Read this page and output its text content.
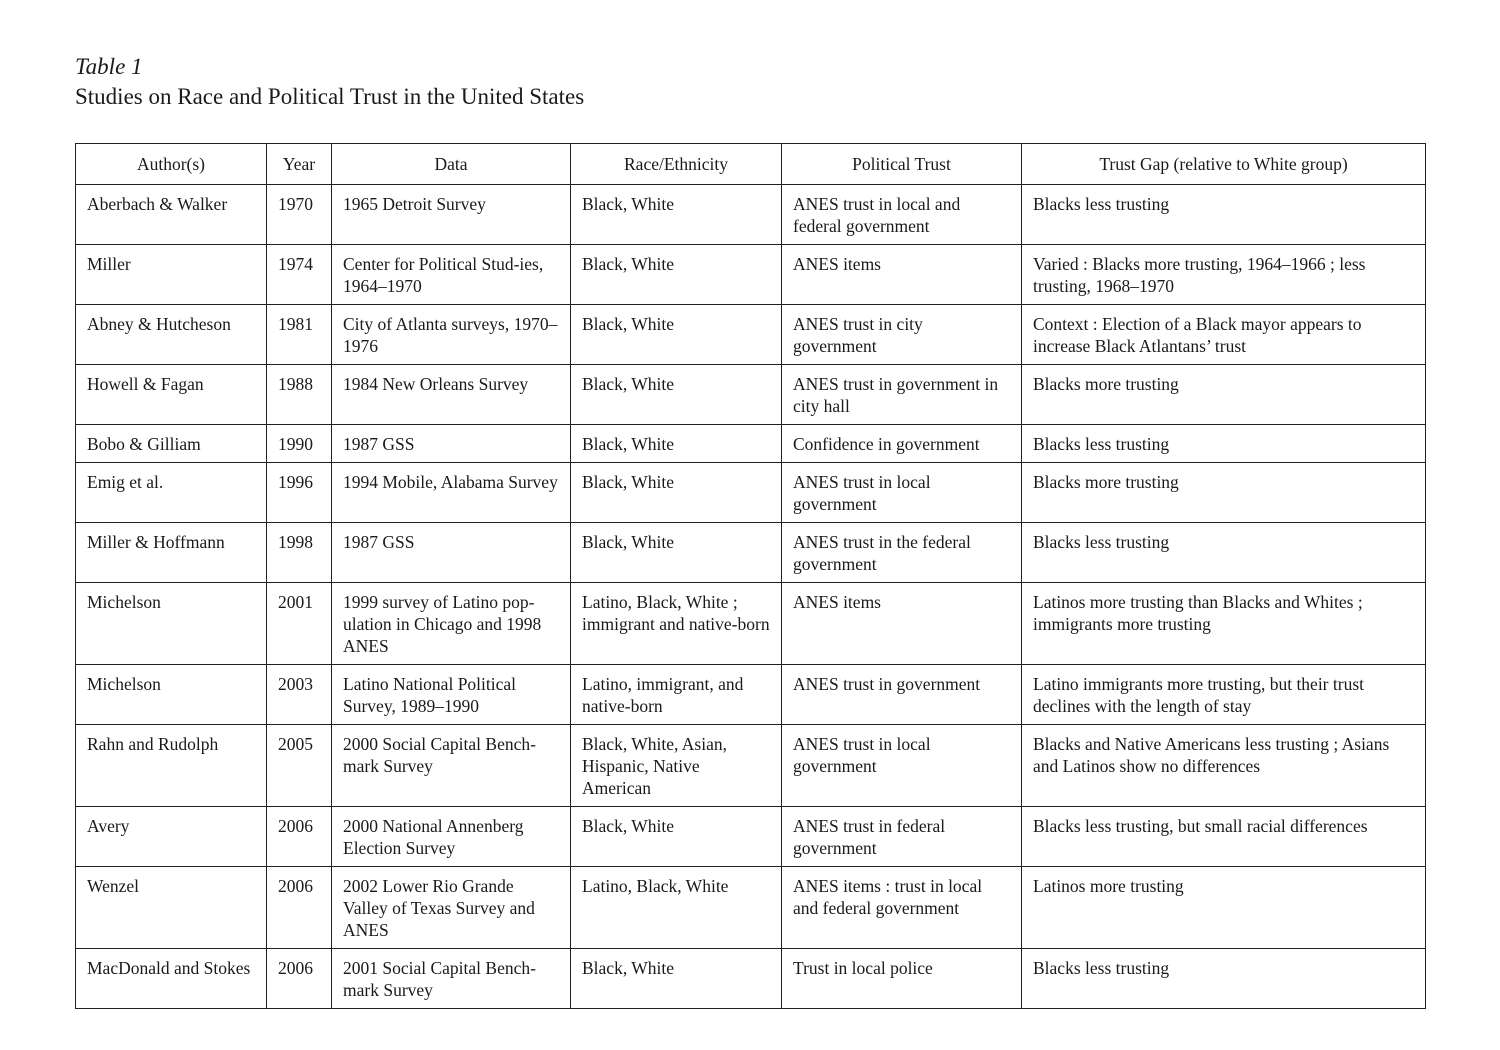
Table 1
Studies on Race and Political Trust in the United States
Author(s)	Year	Data	Race/Ethnicity	Political Trust	Trust Gap (relative to White group)
Aberbach & Walker	1970	1965 Detroit Survey	Black, White	ANES trust in local and federal government	Blacks less trusting
Miller	1974	Center for Political Stud-ies, 1964–1970	Black, White	ANES items	Varied : Blacks more trusting, 1964–1966 ; less trusting, 1968–1970
Abney & Hutcheson	1981	City of Atlanta surveys, 1970–1976	Black, White	ANES trust in city government	Context : Election of a Black mayor appears to increase Black Atlantans’ trust
Howell & Fagan	1988	1984 New Orleans Survey	Black, White	ANES trust in government in city hall	Blacks more trusting
Bobo & Gilliam	1990	1987 GSS	Black, White	Confidence in government	Blacks less trusting
Emig et al.	1996	1994 Mobile, Alabama Survey	Black, White	ANES trust in local government	Blacks more trusting
Miller & Hoffmann	1998	1987 GSS	Black, White	ANES trust in the federal government	Blacks less trusting
Michelson	2001	1999 survey of Latino pop-ulation in Chicago and 1998 ANES	Latino, Black, White ; immigrant and native-born	ANES items	Latinos more trusting than Blacks and Whites ; immigrants more trusting
Michelson	2003	Latino National Political Survey, 1989–1990	Latino, immigrant, and native-born	ANES trust in government	Latino immigrants more trusting, but their trust declines with the length of stay
Rahn and Rudolph	2005	2000 Social Capital Bench-mark Survey	Black, White, Asian, Hispanic, Native American	ANES trust in local government	Blacks and Native Americans less trusting ; Asians and Latinos show no differences
Avery	2006	2000 National Annenberg Election Survey	Black, White	ANES trust in federal government	Blacks less trusting, but small racial differences
Wenzel	2006	2002 Lower Rio Grande Valley of Texas Survey and ANES	Latino, Black, White	ANES items : trust in local and federal government	Latinos more trusting
MacDonald and Stokes	2006	2001 Social Capital Bench-mark Survey	Black, White	Trust in local police	Blacks less trusting
